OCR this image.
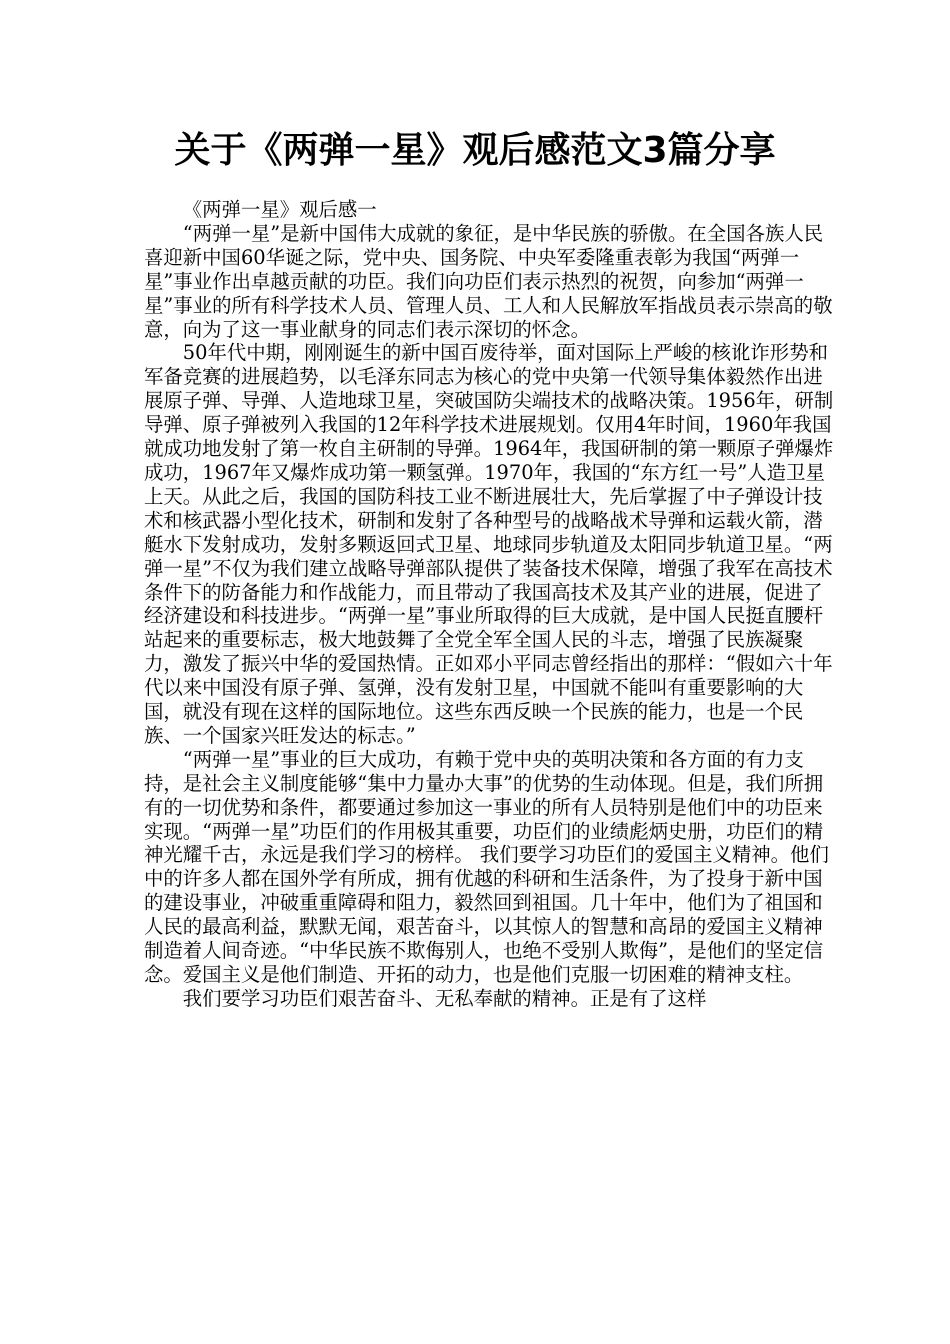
关于《两弹一星》观后感范文3篇分享

《两弹一星》观后感一

“两弹一星”是新中国伟大成就的象征，是中华民族的骄傲。在全国各族人民喜迎新中国60华诞之际，党中央、国务院、中央军委隆重表彰为我国“两弹一星”事业作出卓越贡献的功臣。我们向功臣们表示热烈的祝贺，向参加“两弹一星”事业的所有科学技术人员、管理人员、工人和人民解放军指战员表示崇高的敬意，向为了这一事业献身的同志们表示深切的怀念。

50年代中期，刚刚诞生的新中国百废待举，面对国际上严峻的核讹诈形势和军备竞赛的进展趋势，以毛泽东同志为核心的党中央第一代领导集体毅然作出进展原子弹、导弹、人造地球卫星，突破国防尖端技术的战略决策。1956年，研制导弹、原子弹被列入我国的12年科学技术进展规划。仅用4年时间，1960年我国就成功地发射了第一枚自主研制的导弹。1964年，我国研制的第一颗原子弹爆炸成功，1967年又爆炸成功第一颗氢弹。1970年，我国的“东方红一号”人造卫星上天。从此之后，我国的国防科技工业不断进展壮大，先后掌握了中子弹设计技术和核武器小型化技术，研制和发射了各种型号的战略战术导弹和运载火箭，潜艇水下发射成功，发射多颗返回式卫星、地球同步轨道及太阳同步轨道卫星。“两弹一星”不仅为我们建立战略导弹部队提供了装备技术保障，增强了我军在高技术条件下的防备能力和作战能力，而且带动了我国高技术及其产业的进展，促进了经济建设和科技进步。“两弹一星”事业所取得的巨大成就，是中国人民挺直腰杆站起来的重要标志，极大地鼓舞了全党全军全国人民的斗志，增强了民族凝聚力，激发了振兴中华的爱国热情。正如邓小平同志曾经指出的那样：“假如六十年代以来中国没有原子弹、氢弹，没有发射卫星，中国就不能叫有重要影响的大国，就没有现在这样的国际地位。这些东西反映一个民族的能力，也是一个民族、一个国家兴旺发达的标志。”

“两弹一星”事业的巨大成功，有赖于党中央的英明决策和各方面的有力支持，是社会主义制度能够“集中力量办大事”的优势的生动体现。但是，我们所拥有的一切优势和条件，都要通过参加这一事业的所有人员特别是他们中的功臣来实现。“两弹一星”功臣们的作用极其重要，功臣们的业绩彪炳史册，功臣们的精神光耀千古，永远是我们学习的榜样。 我们要学习功臣们的爱国主义精神。他们中的许多人都在国外学有所成，拥有优越的科研和生活条件，为了投身于新中国的建设事业，冲破重重障碍和阻力，毅然回到祖国。几十年中，他们为了祖国和人民的最高利益，默默无闻，艰苦奋斗，以其惊人的智慧和高昂的爱国主义精神制造着人间奇迹。“中华民族不欺侮别人，也绝不受别人欺侮”，是他们的坚定信念。爱国主义是他们制造、开拓的动力，也是他们克服一切困难的精神支柱。

我们要学习功臣们艰苦奋斗、无私奉献的精神。正是有了这样
